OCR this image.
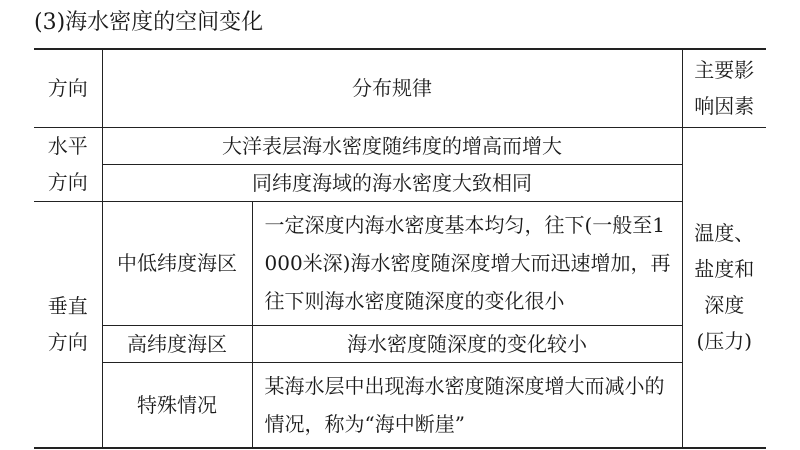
(3)海水密度的空间变化
方向	分布规律		主要影
响因素

水平
方向	大洋表层海水密度随纬度的增高而增大		温度、
盐度和
深度
(压力)

	同纬度海域的海水密度大致相同		

垂直
方向	中低纬度海区	一定深度内海水密度基本均匀，往下(一般至1 000米深)海水密度随深度增大而迅速增加，再往下则海水密度随深度的变化很小	
	高纬度海区	海水密度随深度的变化较小	
	特殊情况	某海水层中出现海水密度随深度增大而减小的情况，称为“海中断崖”	
